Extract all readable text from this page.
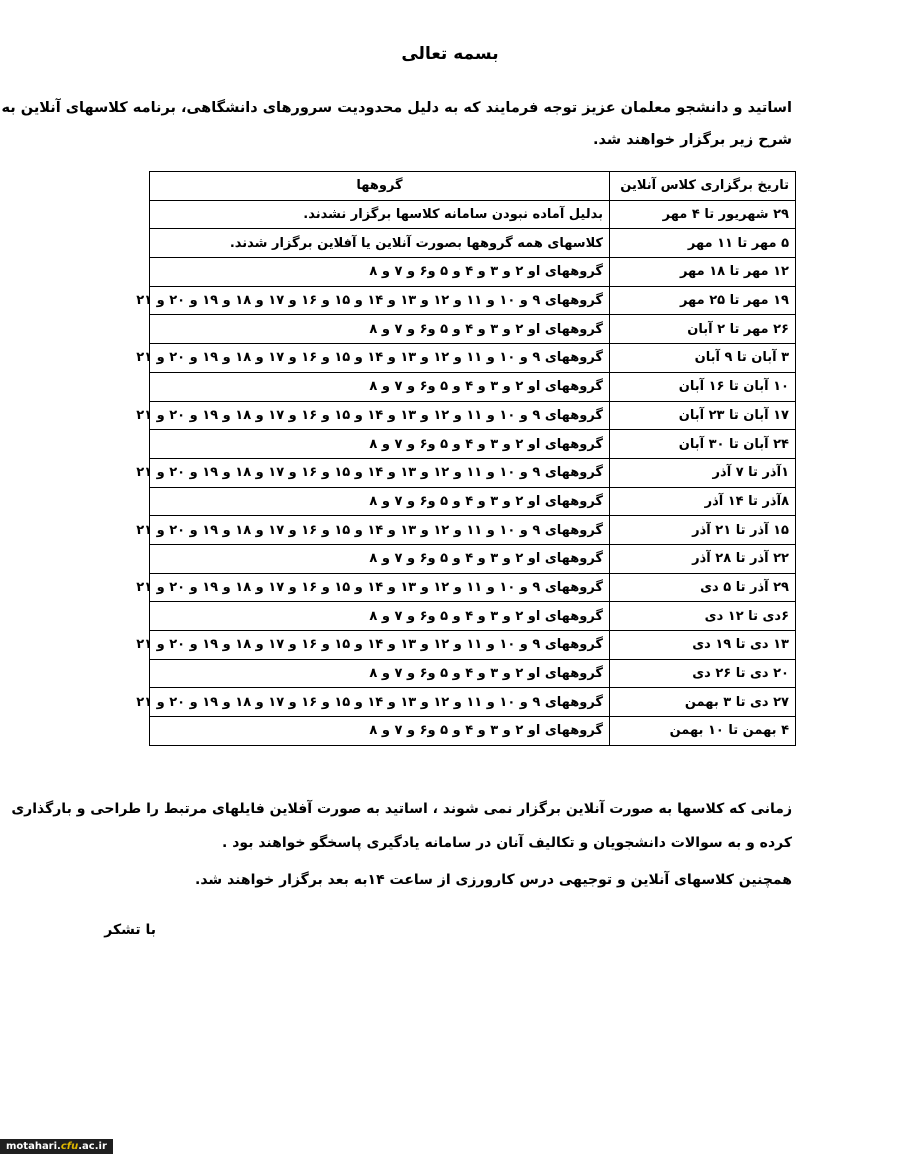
بسمه تعالی
اساتید و دانشجو معلمان عزیز توجه فرمایند که به دلیل محدودیت سرورهای دانشگاهی، برنامه کلاسهای آنلاین به
شرح زیر برگزار خواهند شد.
تاریخ برگزاری کلاس آنلاین	گروهها
۲۹ شهریور تا ۴ مهر	بدلیل آماده نبودن سامانه کلاسها برگزار نشدند.
۵ مهر تا ۱۱ مهر	کلاسهای همه گروهها بصورت آنلاین یا آفلاین برگزار شدند.
۱۲ مهر تا ۱۸ مهر	گروههای ا‌و ۲ و ۳ و ۴ و ۵ و۶ و ۷ و ۸
۱۹ مهر تا ۲۵ مهر	گروههای ۹ و ۱۰ و ۱۱ و ۱۲ و ۱۳ و ۱۴ و ۱۵ و ۱۶ و ۱۷ و ۱۸ و ۱۹ و ۲۰ و ۲۱
۲۶ مهر تا ۲ آبان	گروههای ا‌و ۲ و ۳ و ۴ و ۵ و۶ و ۷ و ۸
۳ آبان تا ۹ آبان	گروههای ۹ و ۱۰ و ۱۱ و ۱۲ و ۱۳ و ۱۴ و ۱۵ و ۱۶ و ۱۷ و ۱۸ و ۱۹ و ۲۰ و ۲۱
۱۰ آبان تا ۱۶ آبان	گروههای ا‌و ۲ و ۳ و ۴ و ۵ و۶ و ۷ و ۸
۱۷ آبان تا ۲۳ آبان	گروههای ۹ و ۱۰ و ۱۱ و ۱۲ و ۱۳ و ۱۴ و ۱۵ و ۱۶ و ۱۷ و ۱۸ و ۱۹ و ۲۰ و ۲۱
۲۴ آبان تا ۳۰ آبان	گروههای ا‌و ۲ و ۳ و ۴ و ۵ و۶ و ۷ و ۸
۱آذر تا ۷ آذر	گروههای ۹ و ۱۰ و ۱۱ و ۱۲ و ۱۳ و ۱۴ و ۱۵ و ۱۶ و ۱۷ و ۱۸ و ۱۹ و ۲۰ و ۲۱
۸آذر تا ۱۴ آذر	گروههای ا‌و ۲ و ۳ و ۴ و ۵ و۶ و ۷ و ۸
۱۵ آذر تا ۲۱ آذر	گروههای ۹ و ۱۰ و ۱۱ و ۱۲ و ۱۳ و ۱۴ و ۱۵ و ۱۶ و ۱۷ و ۱۸ و ۱۹ و ۲۰ و ۲۱
۲۲ آذر تا ۲۸ آذر	گروههای ا‌و ۲ و ۳ و ۴ و ۵ و۶ و ۷ و ۸
۲۹ آذر تا ۵ دی	گروههای ۹ و ۱۰ و ۱۱ و ۱۲ و ۱۳ و ۱۴ و ۱۵ و ۱۶ و ۱۷ و ۱۸ و ۱۹ و ۲۰ و ۲۱
۶دی تا ۱۲ دی	گروههای ا‌و ۲ و ۳ و ۴ و ۵ و۶ و ۷ و ۸
۱۳ دی تا ۱۹ دی	گروههای ۹ و ۱۰ و ۱۱ و ۱۲ و ۱۳ و ۱۴ و ۱۵ و ۱۶ و ۱۷ و ۱۸ و ۱۹ و ۲۰ و ۲۱
۲۰ دی تا ۲۶ دی	گروههای ا‌و ۲ و ۳ و ۴ و ۵ و۶ و ۷ و ۸
۲۷ دی تا ۳ بهمن	گروههای ۹ و ۱۰ و ۱۱ و ۱۲ و ۱۳ و ۱۴ و ۱۵ و ۱۶ و ۱۷ و ۱۸ و ۱۹ و ۲۰ و ۲۱
۴ بهمن تا ۱۰ بهمن	گروههای ا‌و ۲ و ۳ و ۴ و ۵ و۶ و ۷ و ۸
زمانی که کلاسها به صورت آنلاین برگزار نمی شوند ، اساتید به صورت آفلاین فایلهای مرتبط را طراحی و بارگذاری
کرده و به سوالات دانشجویان و تکالیف آنان در سامانه یادگیری پاسخگو خواهند بود .
همچنین کلاسهای آنلاین و توجیهی درس کارورزی از ساعت ۱۴به بعد برگزار خواهند شد.
با تشکر
motahari.cfu.ac.ir
